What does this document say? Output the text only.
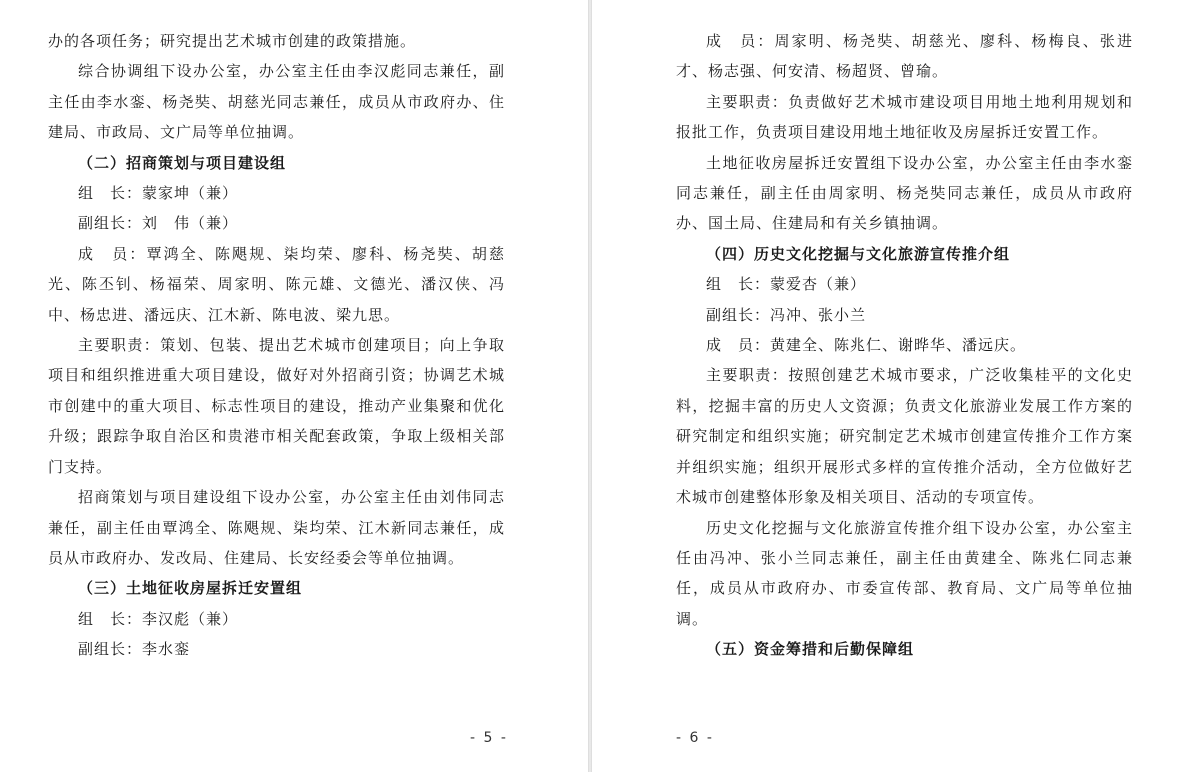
办的各项任务；研究提出艺术城市创建的政策措施。

综合协调组下设办公室，办公室主任由李汉彪同志兼任，副主任由李水銮、杨尧奘、胡慈光同志兼任，成员从市政府办、住建局、市政局、文广局等单位抽调。

（二）招商策划与项目建设组

组　长：蒙家坤（兼）

副组长：刘　伟（兼）

成　员：覃鸿全、陈飓规、柒均荣、廖科、杨尧奘、胡慈光、陈丕钊、杨福荣、周家明、陈元雄、文德光、潘汉侠、冯中、杨忠进、潘远庆、江木新、陈电波、梁九思。

主要职责：策划、包装、提出艺术城市创建项目；向上争取项目和组织推进重大项目建设，做好对外招商引资；协调艺术城市创建中的重大项目、标志性项目的建设，推动产业集聚和优化升级；跟踪争取自治区和贵港市相关配套政策，争取上级相关部门支持。

招商策划与项目建设组下设办公室，办公室主任由刘伟同志兼任，副主任由覃鸿全、陈飓规、柒均荣、江木新同志兼任，成员从市政府办、发改局、住建局、长安经委会等单位抽调。

（三）土地征收房屋拆迁安置组

组　长：李汉彪（兼）

副组长：李水銮

- 5 -

成　员：周家明、杨尧奘、胡慈光、廖科、杨梅良、张进才、杨志强、何安清、杨超贤、曾瑜。

主要职责：负责做好艺术城市建设项目用地土地利用规划和报批工作，负责项目建设用地土地征收及房屋拆迁安置工作。

土地征收房屋拆迁安置组下设办公室，办公室主任由李水銮同志兼任，副主任由周家明、杨尧奘同志兼任，成员从市政府办、国土局、住建局和有关乡镇抽调。

（四）历史文化挖掘与文化旅游宣传推介组

组　长：蒙爱杏（兼）

副组长：冯冲、张小兰

成　员：黄建全、陈兆仁、谢晔华、潘远庆。

主要职责：按照创建艺术城市要求，广泛收集桂平的文化史料，挖掘丰富的历史人文资源；负责文化旅游业发展工作方案的研究制定和组织实施；研究制定艺术城市创建宣传推介工作方案并组织实施；组织开展形式多样的宣传推介活动，全方位做好艺术城市创建整体形象及相关项目、活动的专项宣传。

历史文化挖掘与文化旅游宣传推介组下设办公室，办公室主任由冯冲、张小兰同志兼任，副主任由黄建全、陈兆仁同志兼任，成员从市政府办、市委宣传部、教育局、文广局等单位抽调。

（五）资金筹措和后勤保障组

- 6 -
